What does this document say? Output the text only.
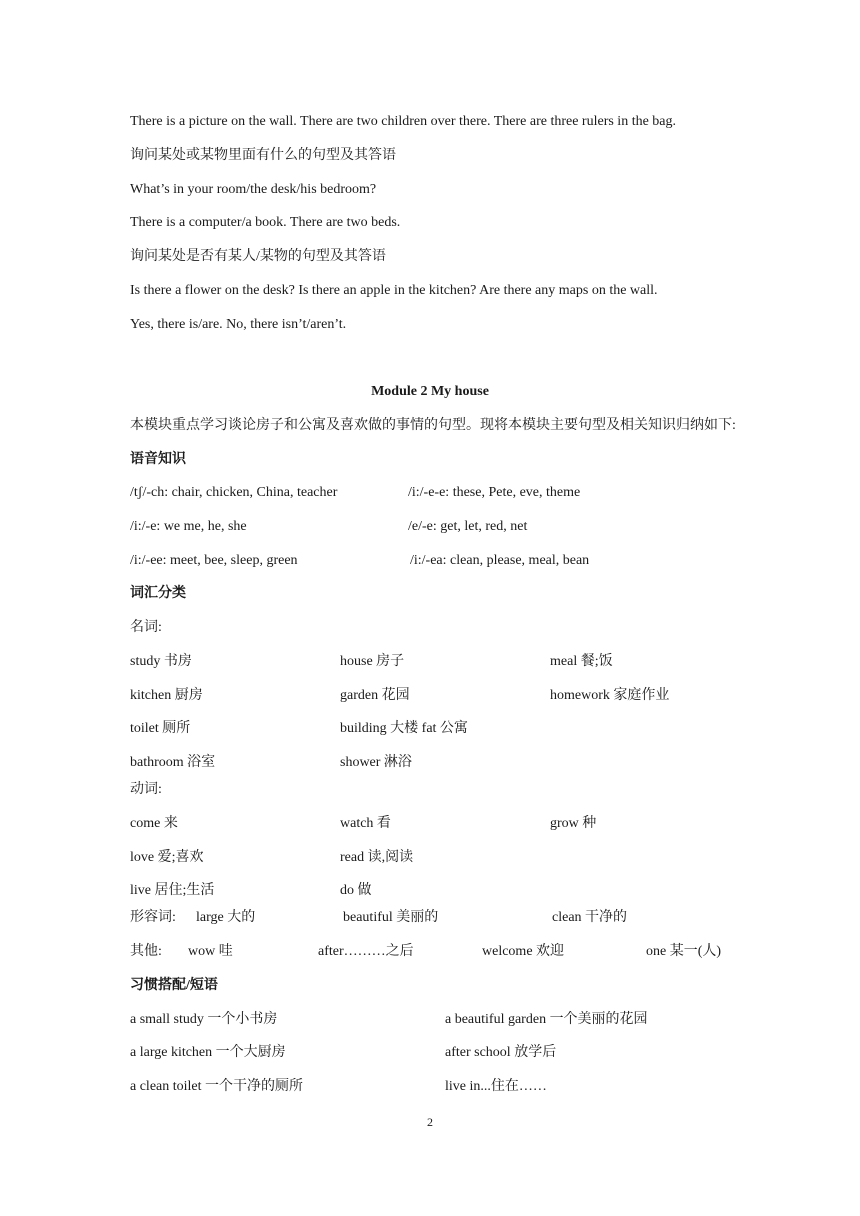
There is a picture on the wall. There are two children over there. There are three rulers in the bag.
询问某处或某物里面有什么的句型及其答语
What’s in your room/the desk/his bedroom?
There is a computer/a book. There are two beds.
询问某处是否有某人/某物的句型及其答语
Is there a flower on the desk? Is there an apple in the kitchen? Are there any maps on the wall.
Yes, there is/are. No, there isn’t/aren’t.
Module 2 My house
本模块重点学习谈论房子和公寓及喜欢做的事情的句型。现将本模块主要句型及相关知识归纳如下:
语音知识
/tʃ/-ch: chair, chicken, China, teacher	/i:/-e-e: these, Pete, eve, theme
/i:/-e: we me, he, she	/e/-e: get, let, red, net
/i:/-ee: meet, bee, sleep, green	/i:/-ea: clean, please, meal, bean
词汇分类
名词:
study 书房	house 房子	meal 餐;饭
kitchen 厨房	garden 花园	homework 家庭作业
toilet 厕所	building 大楼 fat 公寓
bathroom 浴室	shower 淋浴
动词:
come 来	watch 看	grow 种
love 爱;喜欢	read 读,阅读
live 居住;生活	do 做
形容词: large 大的	beautiful 美丽的	clean 干净的
其他: wow 哇	after………之后	welcome 欢迎	one 某一(人)
习惯搭配/短语
a small study 一个小书房	a beautiful garden 一个美丽的花园
a large kitchen 一个大厨房	after school 放学后
a clean toilet 一个干净的厕所	live in...住在……
2
